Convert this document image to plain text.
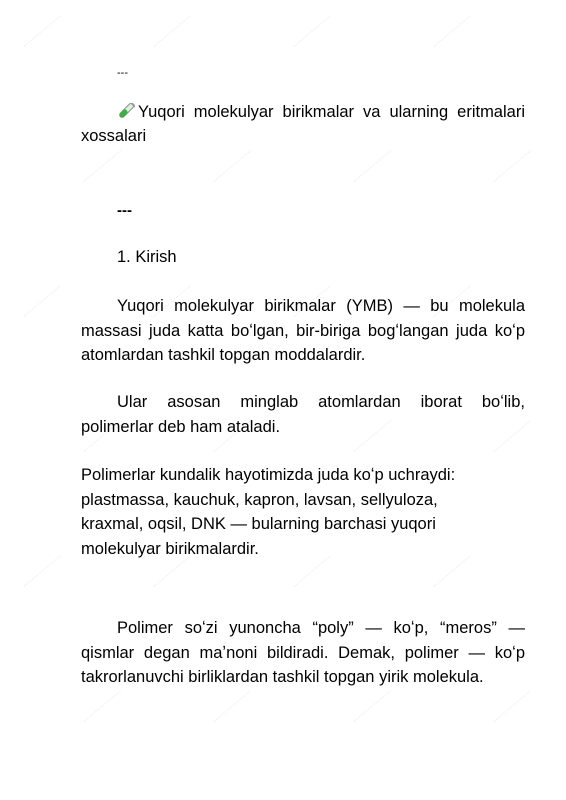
---
Yuqori molekulyar birikmalar va ularning eritmalari xossalari
---
1. Kirish
Yuqori molekulyar birikmalar (YMB) — bu molekula massasi juda katta boʻlgan, bir-biriga bogʻlangan juda koʻp atomlardan tashkil topgan moddalardir.
Ular asosan minglab atomlardan iborat boʻlib, polimerlar deb ham ataladi.
Polimerlar kundalik hayotimizda juda koʻp uchraydi: plastmassa, kauchuk, kapron, lavsan, sellyuloza, kraxmal, oqsil, DNK — bularning barchasi yuqori molekulyar birikmalardir.
Polimer soʻzi yunoncha “poly” — koʻp, “meros” — qismlar degan maʼnoni bildiradi. Demak, polimer — koʻp takrorlanuvchi birliklardan tashkil topgan yirik molekula.
